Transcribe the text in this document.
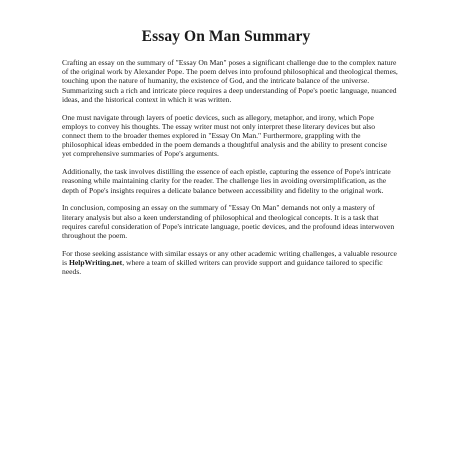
Essay On Man Summary

Crafting an essay on the summary of "Essay On Man" poses a significant challenge due to the complex nature of the original work by Alexander Pope. The poem delves into profound philosophical and theological themes, touching upon the nature of humanity, the existence of God, and the intricate balance of the universe. Summarizing such a rich and intricate piece requires a deep understanding of Pope's poetic language, nuanced ideas, and the historical context in which it was written.

One must navigate through layers of poetic devices, such as allegory, metaphor, and irony, which Pope employs to convey his thoughts. The essay writer must not only interpret these literary devices but also connect them to the broader themes explored in "Essay On Man." Furthermore, grappling with the philosophical ideas embedded in the poem demands a thoughtful analysis and the ability to present concise yet comprehensive summaries of Pope's arguments.

Additionally, the task involves distilling the essence of each epistle, capturing the essence of Pope's intricate reasoning while maintaining clarity for the reader. The challenge lies in avoiding oversimplification, as the depth of Pope's insights requires a delicate balance between accessibility and fidelity to the original work.

In conclusion, composing an essay on the summary of "Essay On Man" demands not only a mastery of literary analysis but also a keen understanding of philosophical and theological concepts. It is a task that requires careful consideration of Pope's intricate language, poetic devices, and the profound ideas interwoven throughout the poem.

For those seeking assistance with similar essays or any other academic writing challenges, a valuable resource is HelpWriting.net, where a team of skilled writers can provide support and guidance tailored to specific needs.
